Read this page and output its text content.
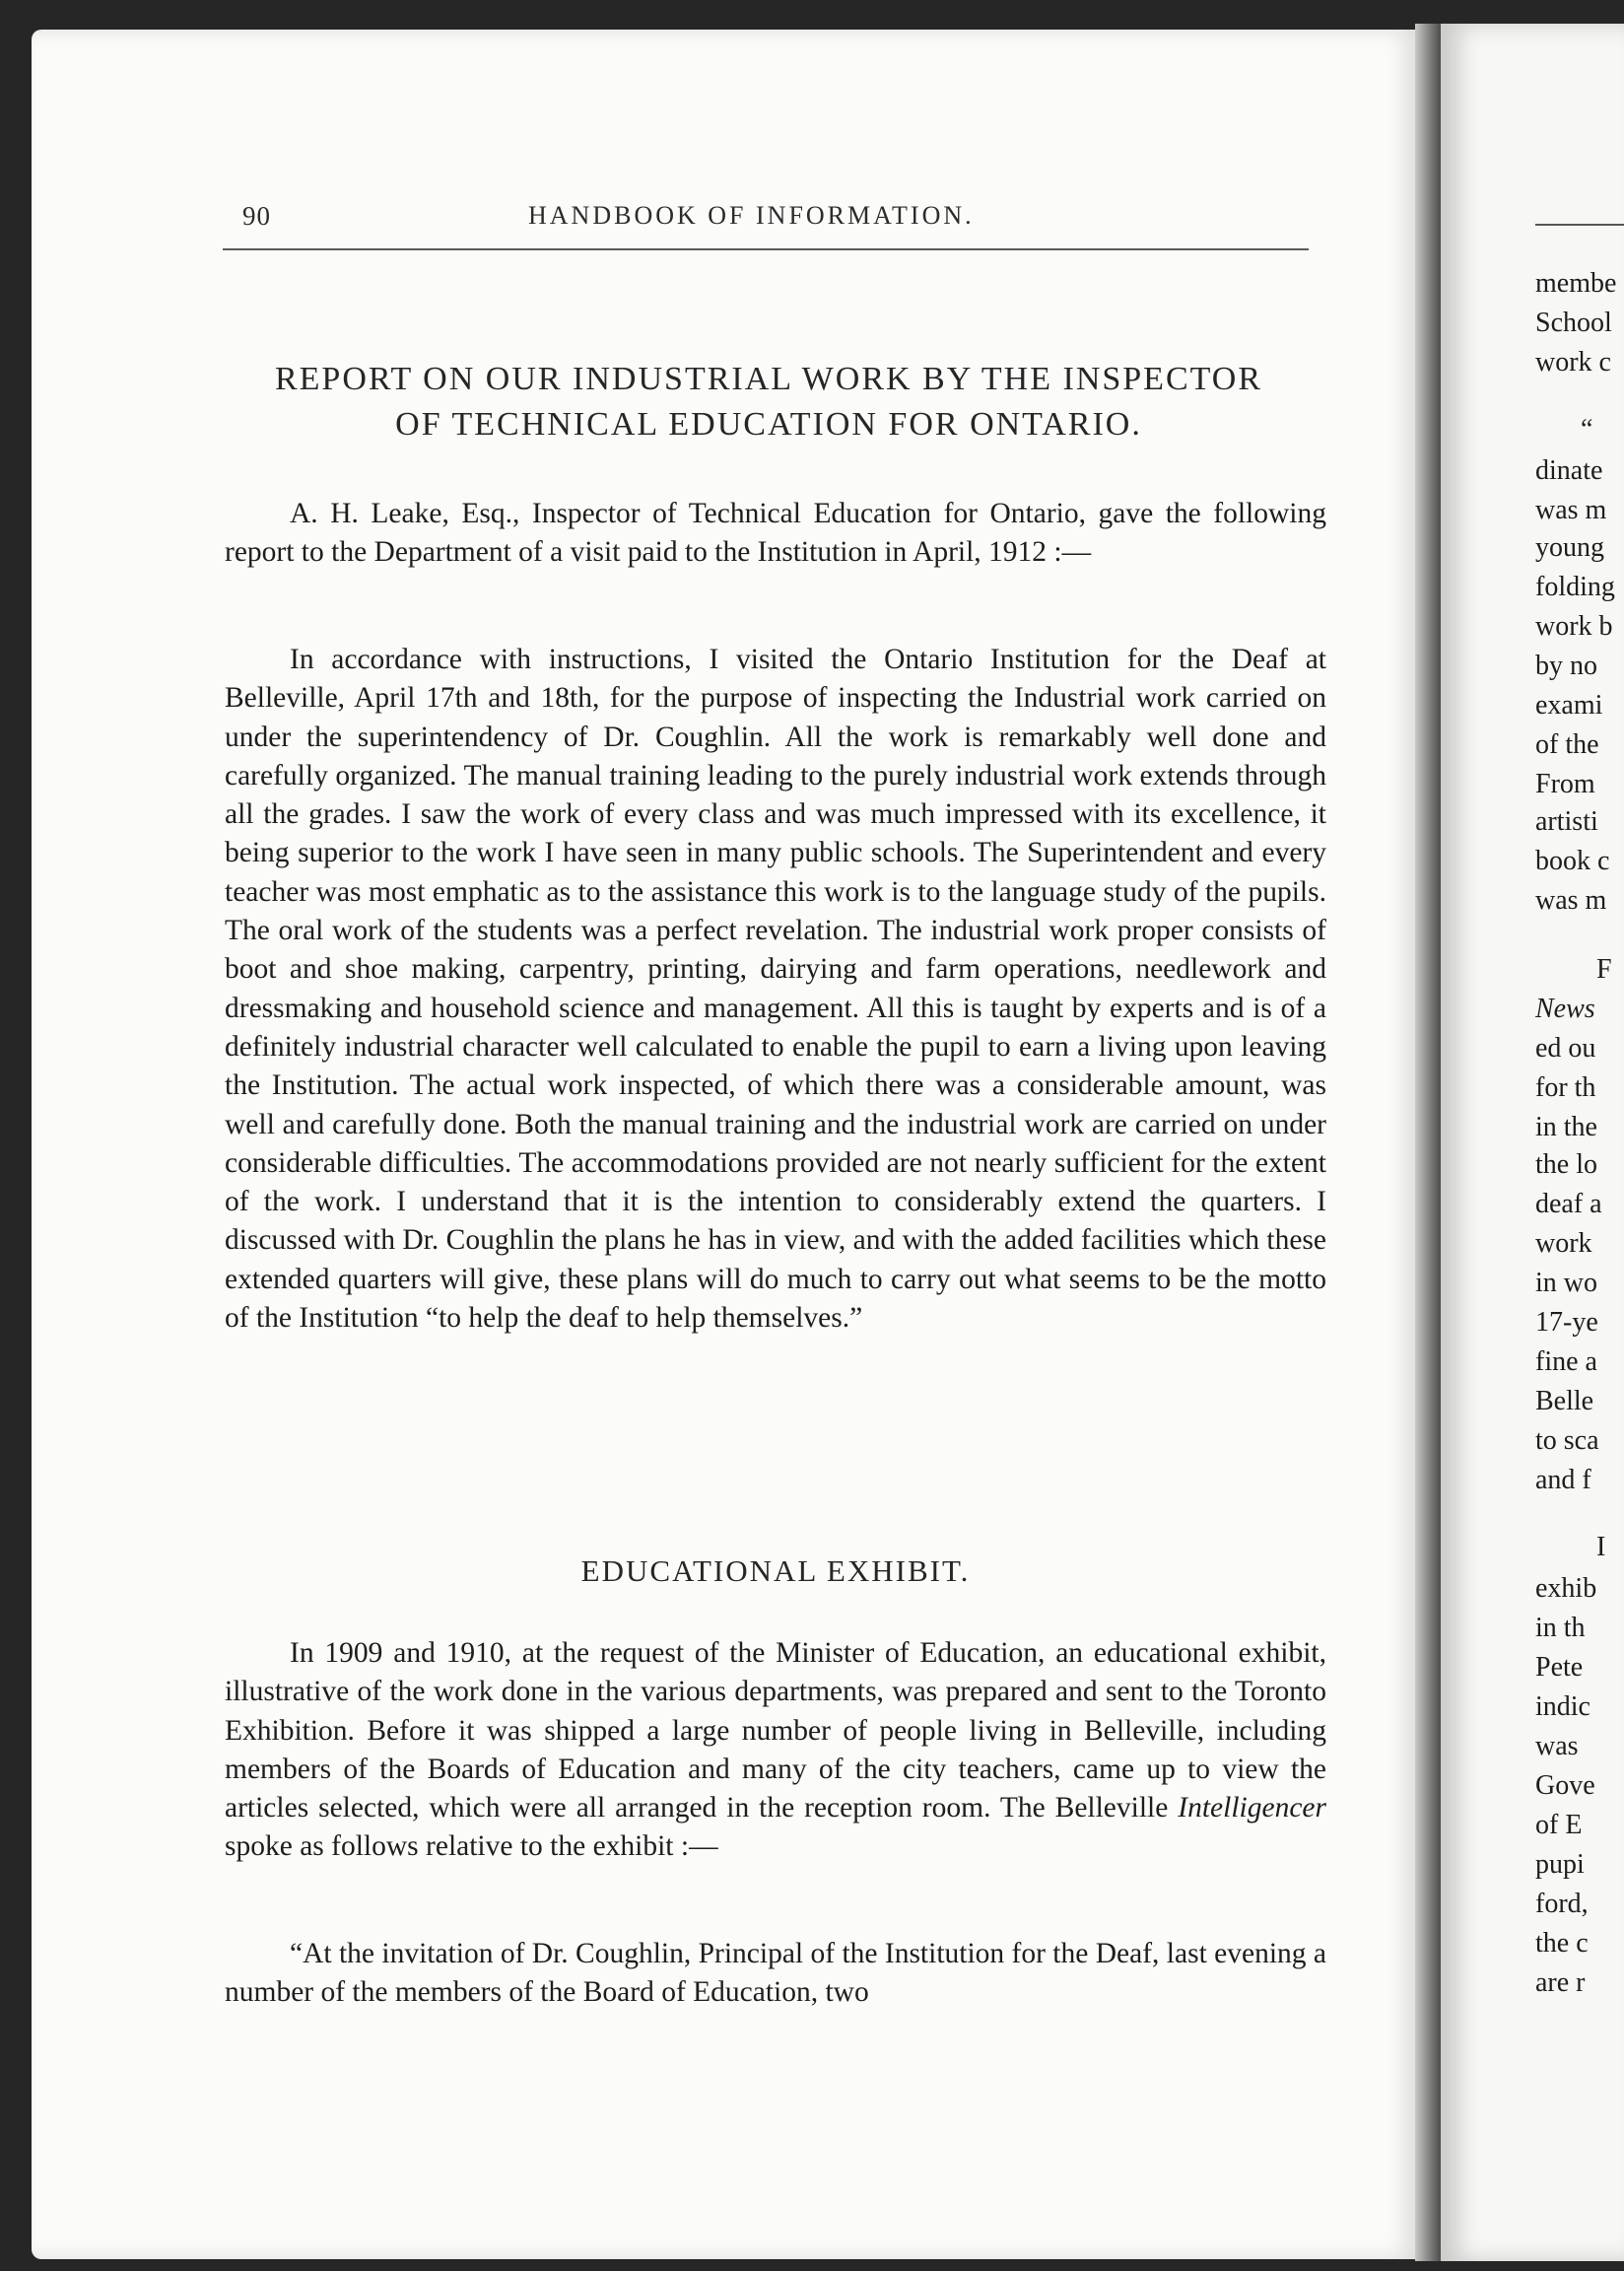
membe
School
work c
“
dinate
was m
young
folding
work b
by no
exami
of the
From
artisti
book c
was m
F
News
ed ou
for th
in the
the lo
deaf a
work
in wo
17-ye
fine a
Belle
to sca
and f
I
exhib
in th
Pete
indic
was
Gove
of E
pupi
ford,
the c
are r
90	HANDBOOK OF INFORMATION.
REPORT ON OUR INDUSTRIAL WORK BY THE INSPECTOR
OF TECHNICAL EDUCATION FOR ONTARIO.

A. H. Leake, Esq., Inspector of Technical Education for Ontario, gave the following report to the Department of a visit paid to the Institution in April, 1912 :—

In accordance with instructions, I visited the Ontario Institution for the Deaf at Belleville, April 17th and 18th, for the purpose of inspecting the Industrial work carried on under the superintendency of Dr. Coughlin. All the work is remarkably well done and carefully organized. The manual training leading to the purely industrial work extends through all the grades. I saw the work of every class and was much impressed with its excellence, it being superior to the work I have seen in many public schools. The Superintendent and every teacher was most emphatic as to the assistance this work is to the language study of the pupils. The oral work of the students was a perfect revelation. The industrial work proper consists of boot and shoe making, carpentry, printing, dairying and farm operations, needlework and dressmaking and household science and management. All this is taught by experts and is of a definitely industrial character well calculated to enable the pupil to earn a living upon leaving the Institution. The actual work inspected, of which there was a considerable amount, was well and carefully done. Both the manual training and the industrial work are carried on under considerable difficulties. The accommodations provided are not nearly sufficient for the extent of the work. I understand that it is the intention to considerably extend the quarters. I discussed with Dr. Coughlin the plans he has in view, and with the added facilities which these extended quarters will give, these plans will do much to carry out what seems to be the motto of the Institution “to help the deaf to help themselves.”

EDUCATIONAL EXHIBIT.

In 1909 and 1910, at the request of the Minister of Education, an educational exhibit, illustrative of the work done in the various departments, was prepared and sent to the Toronto Exhibition. Before it was shipped a large number of people living in Belleville, including members of the Boards of Education and many of the city teachers, came up to view the articles selected, which were all arranged in the reception room. The Belleville Intelligencer spoke as follows relative to the exhibit :—

“At the invitation of Dr. Coughlin, Principal of the Institution for the Deaf, last evening a number of the members of the Board of Education, two
